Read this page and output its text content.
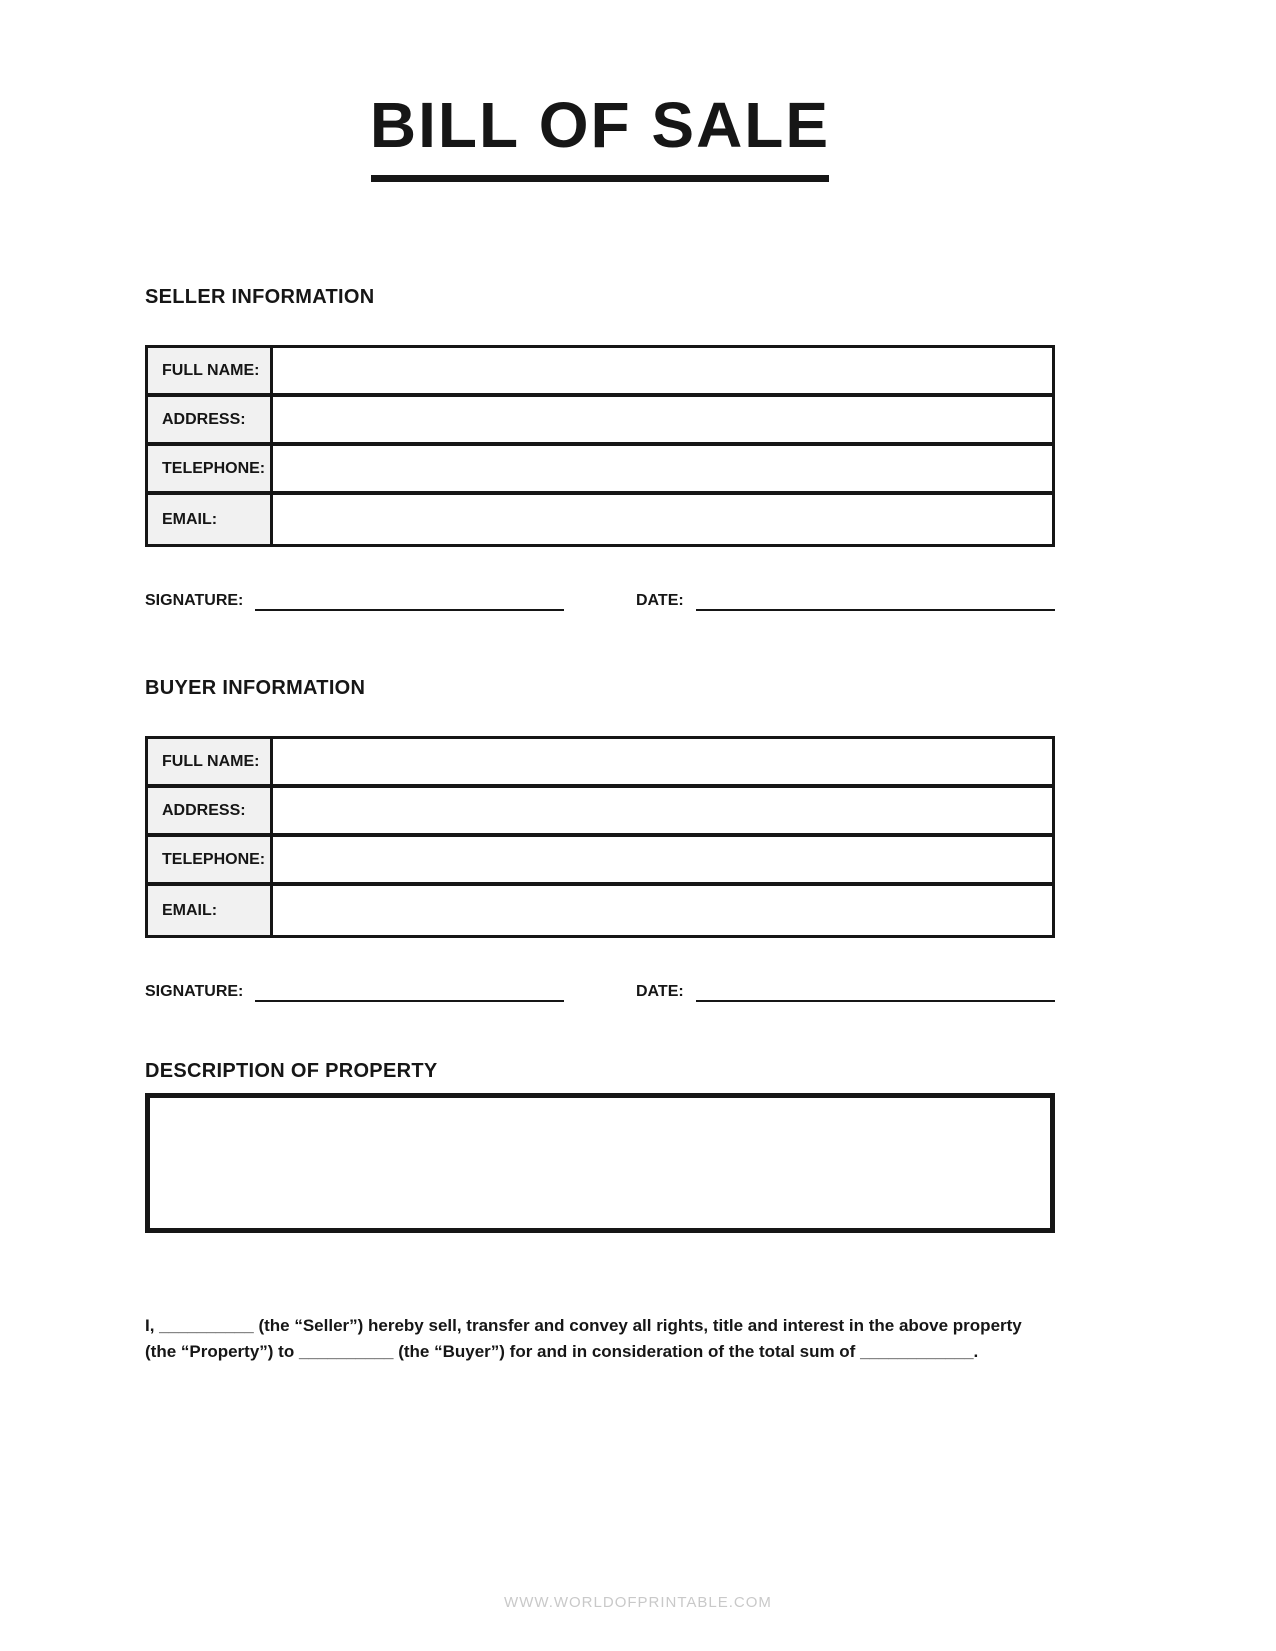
BILL OF SALE
SELLER INFORMATION
FULL NAME:
ADDRESS:
TELEPHONE:
EMAIL:
SIGNATURE:	DATE:
BUYER INFORMATION
FULL NAME:
ADDRESS:
TELEPHONE:
EMAIL:
SIGNATURE:	DATE:
DESCRIPTION OF PROPERTY
I, __________ (the “Seller”) hereby sell, transfer and convey all rights, title and interest in the above property (the “Property”) to __________ (the “Buyer”) for and in consideration of the total sum of ____________.
WWW.WORLDOFPRINTABLE.COM
